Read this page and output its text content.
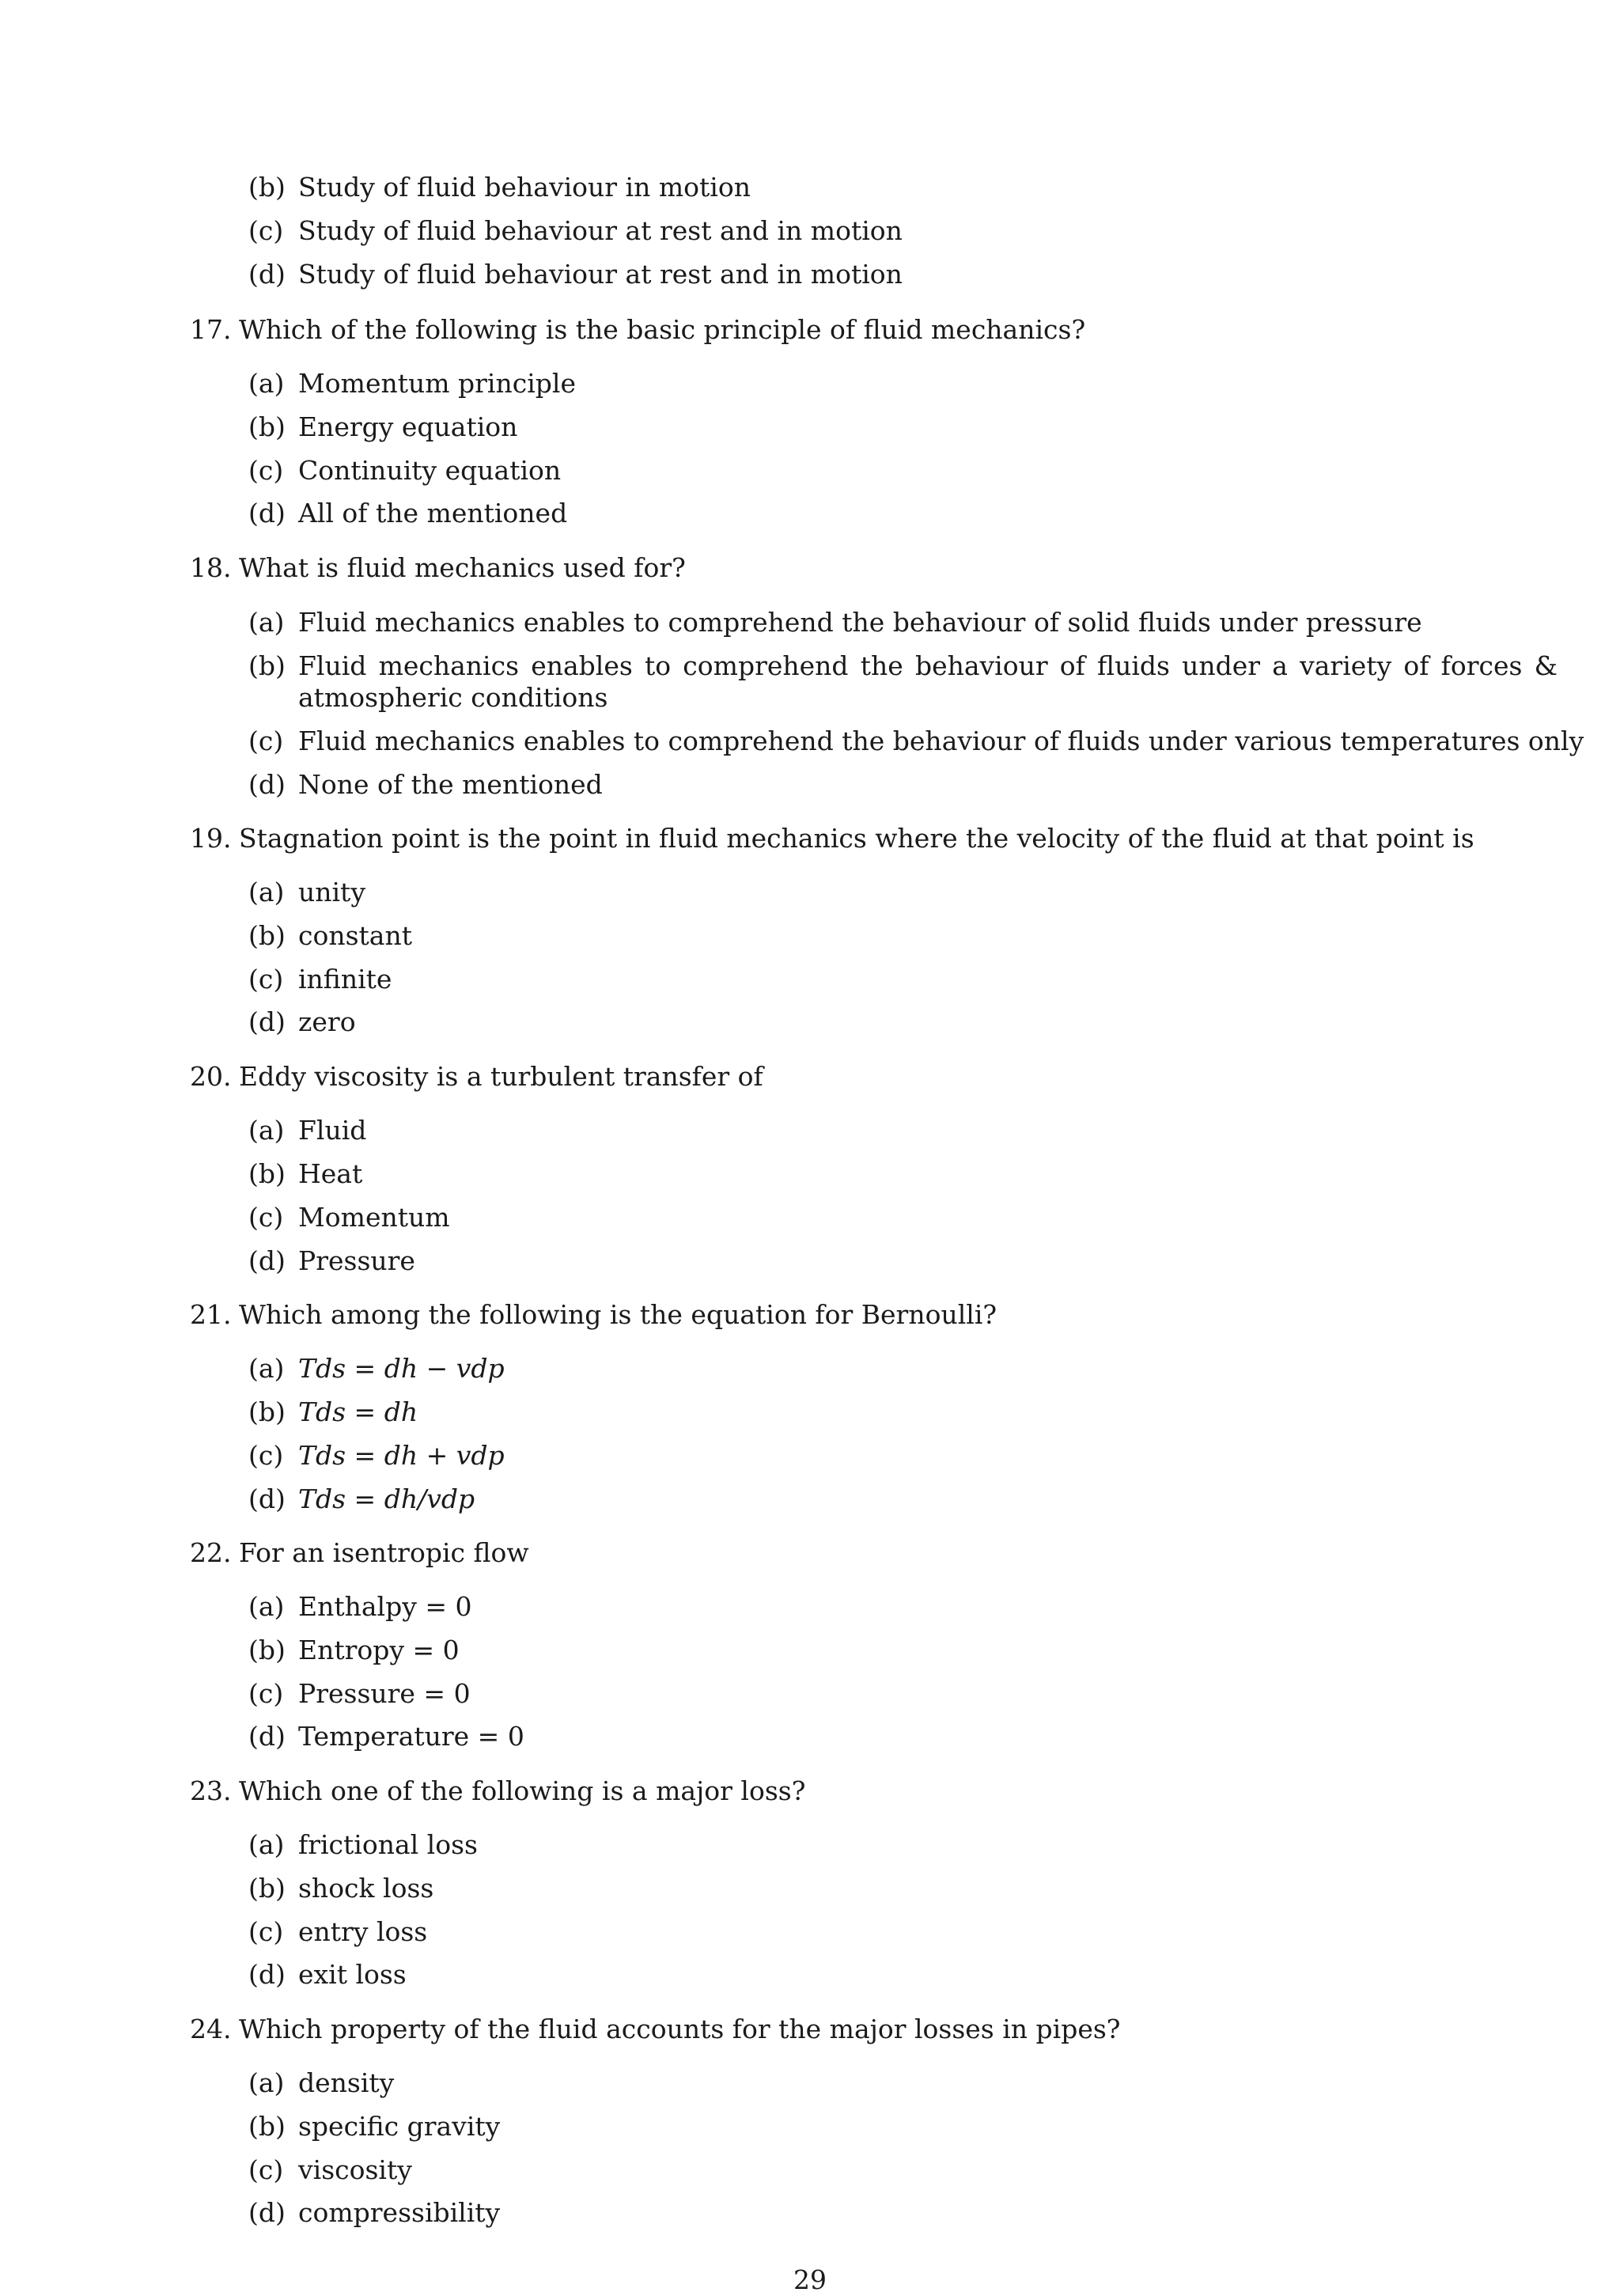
(b) Study of fluid behaviour in motion
(c) Study of fluid behaviour at rest and in motion
(d) Study of fluid behaviour at rest and in motion
17. Which of the following is the basic principle of fluid mechanics?
(a) Momentum principle
(b) Energy equation
(c) Continuity equation
(d) All of the mentioned
18. What is fluid mechanics used for?
(a) Fluid mechanics enables to comprehend the behaviour of solid fluids under pressure
(b) Fluid mechanics enables to comprehend the behaviour of fluids under a variety of forces & atmospheric conditions
(c) Fluid mechanics enables to comprehend the behaviour of fluids under various temperatures only
(d) None of the mentioned
19. Stagnation point is the point in fluid mechanics where the velocity of the fluid at that point is
(a) unity
(b) constant
(c) infinite
(d) zero
20. Eddy viscosity is a turbulent transfer of
(a) Fluid
(b) Heat
(c) Momentum
(d) Pressure
21. Which among the following is the equation for Bernoulli?
(a) Tds = dh − vdp
(b) Tds = dh
(c) Tds = dh + vdp
(d) Tds = dh/vdp
22. For an isentropic flow
(a) Enthalpy = 0
(b) Entropy = 0
(c) Pressure = 0
(d) Temperature = 0
23. Which one of the following is a major loss?
(a) frictional loss
(b) shock loss
(c) entry loss
(d) exit loss
24. Which property of the fluid accounts for the major losses in pipes?
(a) density
(b) specific gravity
(c) viscosity
(d) compressibility
29
